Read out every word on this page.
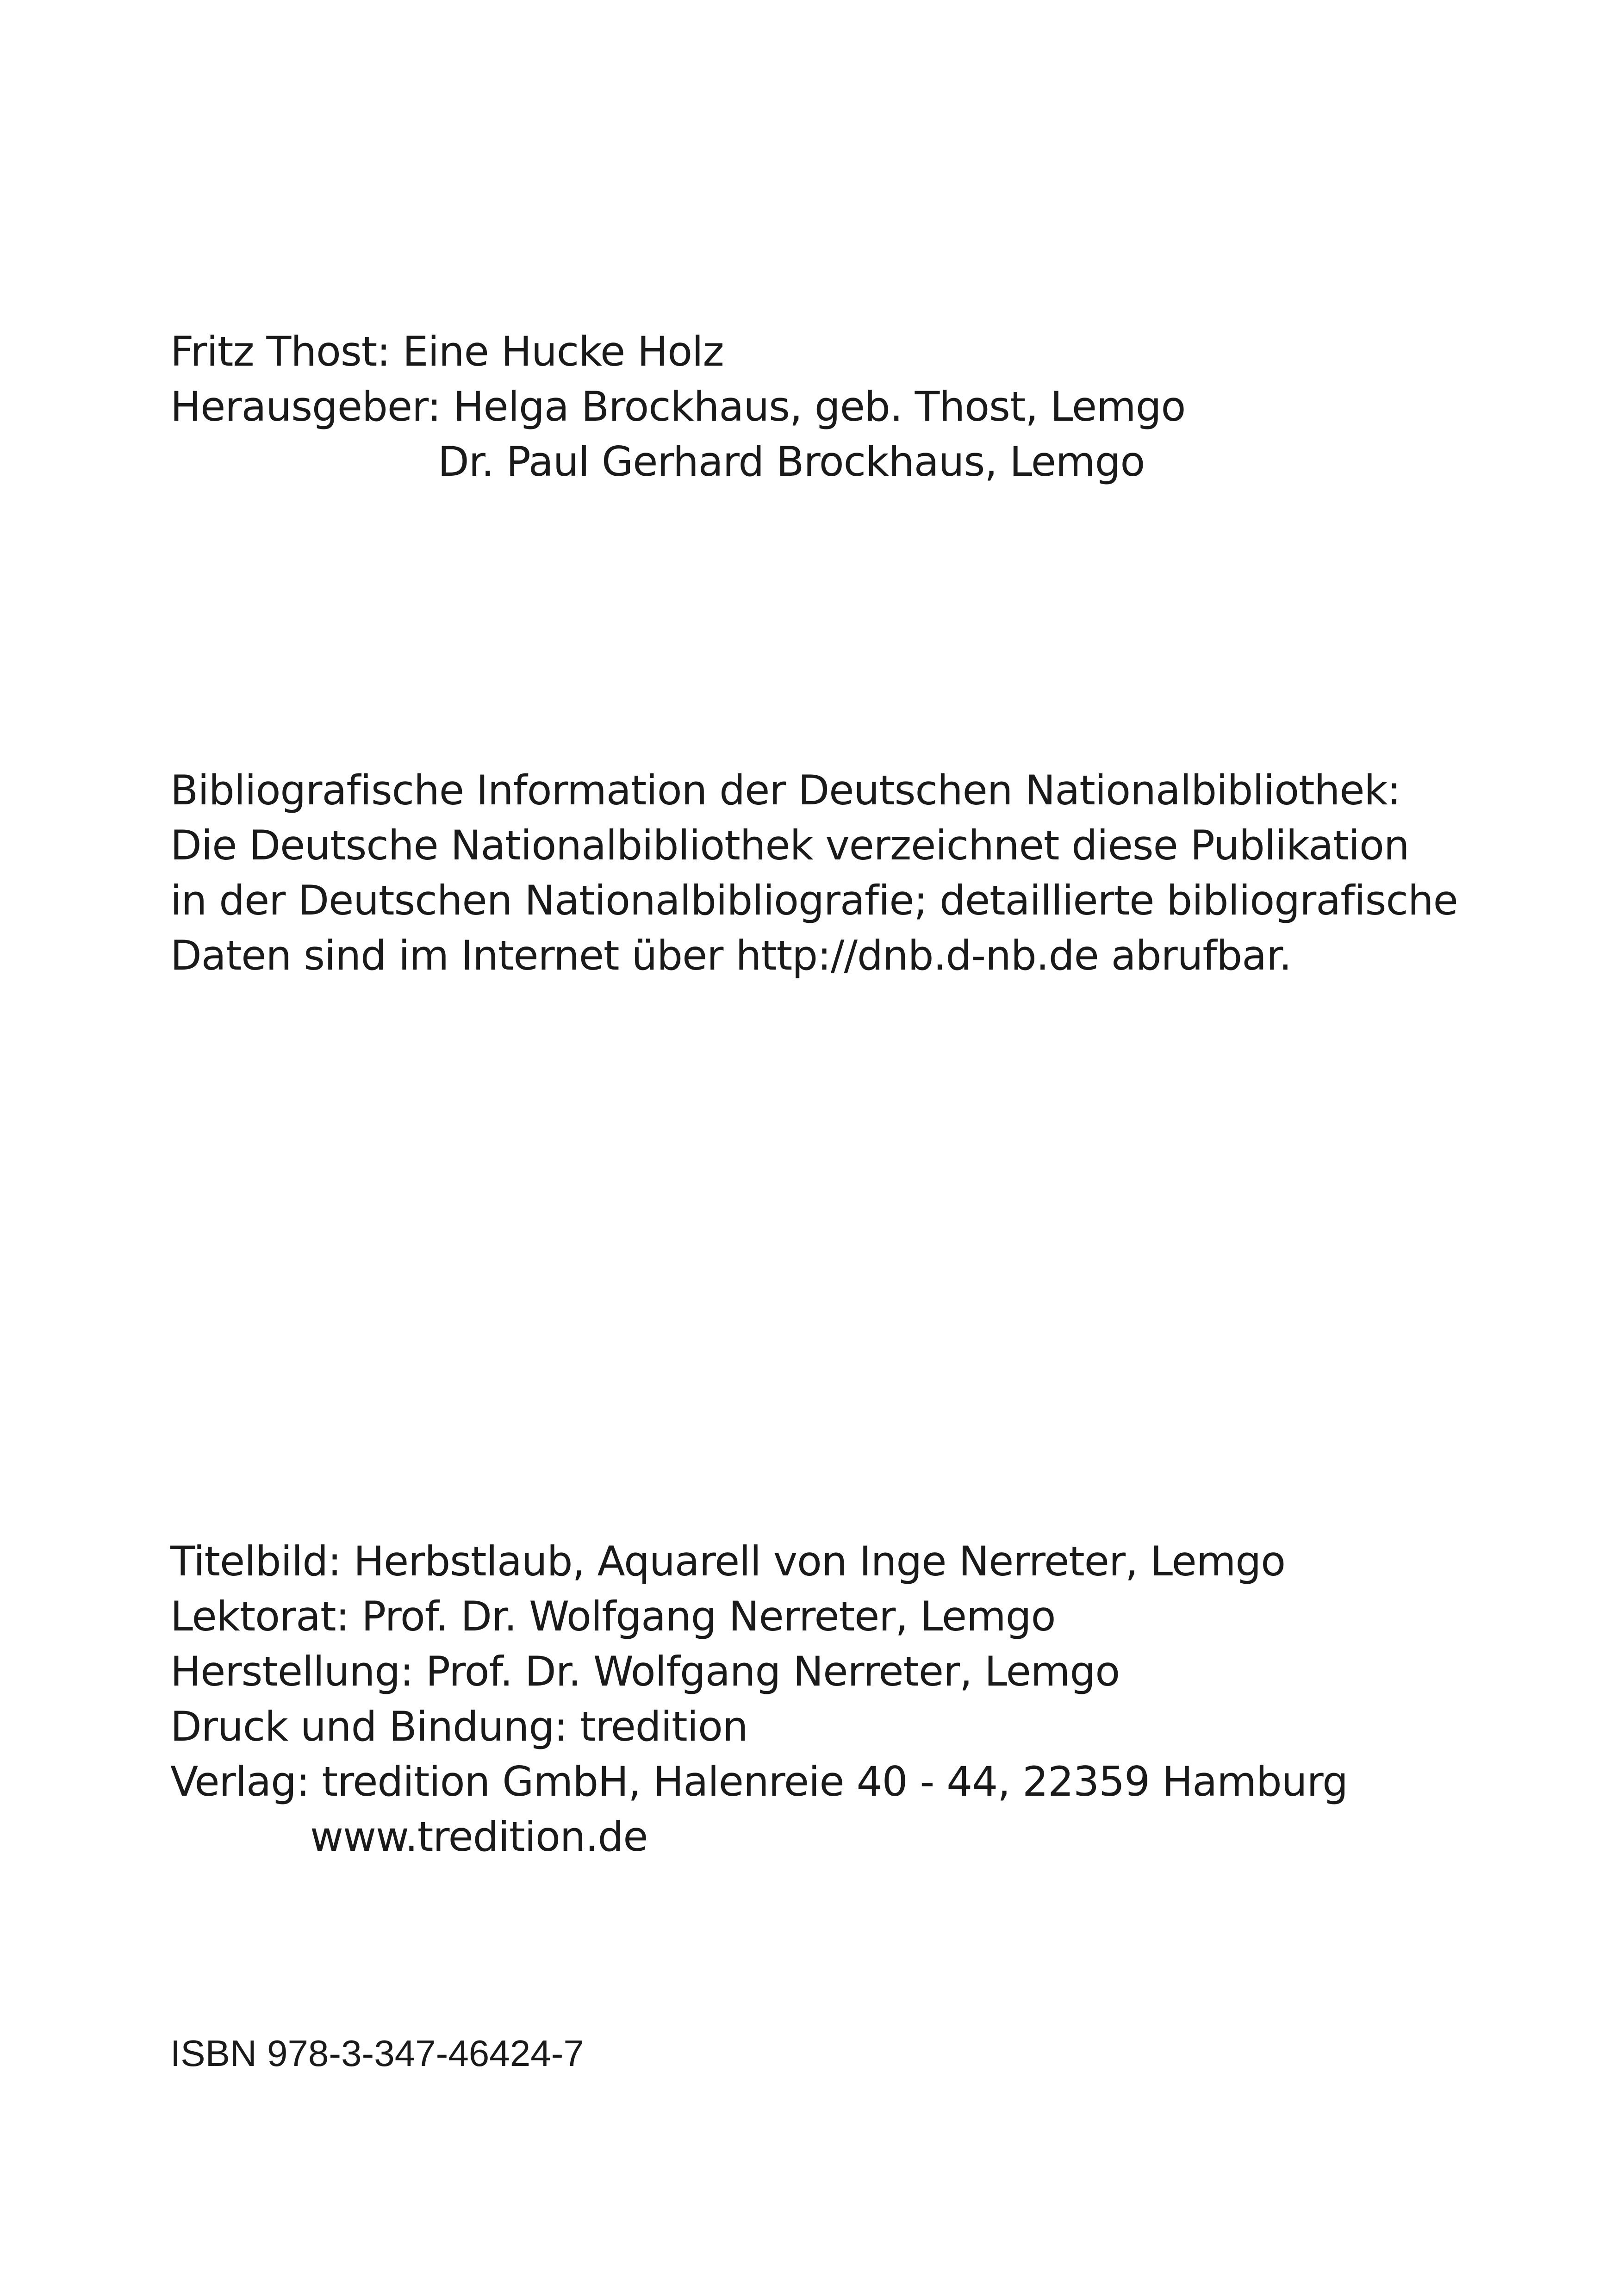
Fritz Thost: Eine Hucke Holz
Herausgeber: Helga Brockhaus, geb. Thost, Lemgo
Dr. Paul Gerhard Brockhaus, Lemgo
Bibliografische Information der Deutschen Nationalbibliothek:
Die Deutsche Nationalbibliothek verzeichnet diese Publikation
in der Deutschen Nationalbibliografie; detaillierte bibliografische
Daten sind im Internet über http://dnb.d-nb.de abrufbar.
Titelbild: Herbstlaub, Aquarell von Inge Nerreter, Lemgo
Lektorat: Prof. Dr. Wolfgang Nerreter, Lemgo
Herstellung: Prof. Dr. Wolfgang Nerreter, Lemgo
Druck und Bindung: tredition
Verlag: tredition GmbH, Halenreie 40 - 44, 22359 Hamburg
www.tredition.de

ISBN 978-3-347-46424-7
